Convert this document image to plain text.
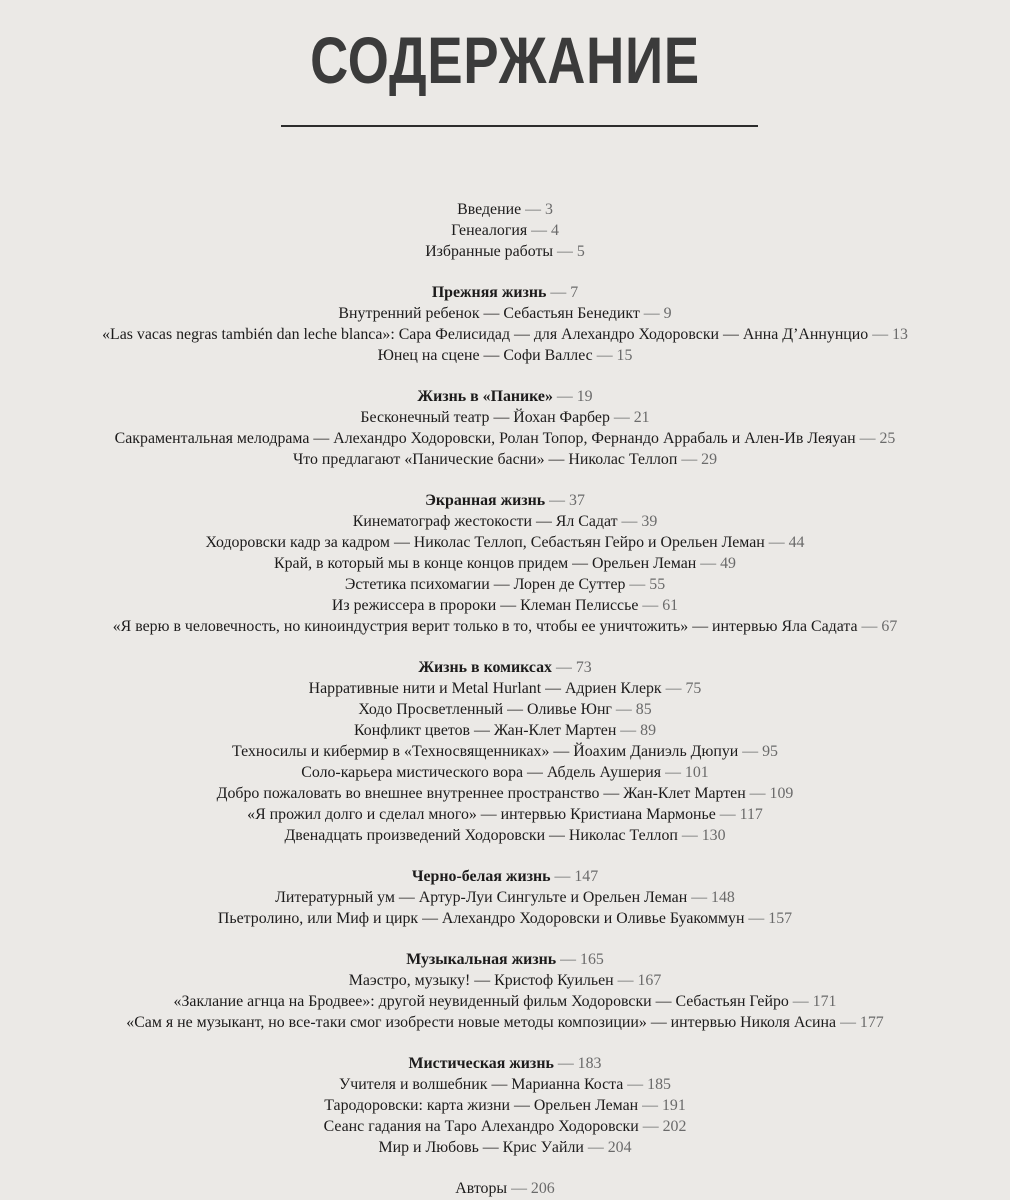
СОДЕРЖАНИЕ
Введение — 3
Генеалогия — 4
Избранные работы — 5
Прежняя жизнь — 7
Внутренний ребенок — Себастьян Бенедикт — 9
«Las vacas negras también dan leche blanca»: Сара Фелисидад — для Алехандро Ходоровски — Анна Д’Аннунцио — 13
Юнец на сцене — Софи Валлес — 15
Жизнь в «Панике» — 19
Бесконечный театр — Йохан Фарбер — 21
Сакраментальная мелодрама — Алехандро Ходоровски, Ролан Топор, Фернандо Аррабаль и Ален-Ив Леяуан — 25
Что предлагают «Панические басни» — Николас Теллоп — 29
Экранная жизнь — 37
Кинематограф жестокости — Ял Садат — 39
Ходоровски кадр за кадром — Николас Теллоп, Себастьян Гейро и Орельен Леман — 44
Край, в который мы в конце концов придем — Орельен Леман — 49
Эстетика психомагии — Лорен де Суттер — 55
Из режиссера в пророки — Клеман Пелиссье — 61
«Я верю в человечность, но киноиндустрия верит только в то, чтобы ее уничтожить» — интервью Яла Садата — 67
Жизнь в комиксах — 73
Нарративные нити и Metal Hurlant — Адриен Клерк — 75
Ходо Просветленный — Оливье Юнг — 85
Конфликт цветов — Жан-Клет Мартен — 89
Техносилы и кибермир в «Техносвященниках» — Йоахим Даниэль Дюпуи — 95
Соло-карьера мистического вора — Абдель Аушерия — 101
Добро пожаловать во внешнее внутреннее пространство — Жан-Клет Мартен — 109
«Я прожил долго и сделал много» — интервью Кристиана Мармонье — 117
Двенадцать произведений Ходоровски — Николас Теллоп — 130
Черно-белая жизнь — 147
Литературный ум — Артур-Луи Сингульте и Орельен Леман — 148
Пьетролино, или Миф и цирк — Алехандро Ходоровски и Оливье Буакоммун — 157
Музыкальная жизнь — 165
Маэстро, музыку! — Кристоф Куильен — 167
«Заклание агнца на Бродвее»: другой неувиденный фильм Ходоровски — Себастьян Гейро — 171
«Сам я не музыкант, но все-таки смог изобрести новые методы композиции» — интервью Николя Асина — 177
Мистическая жизнь — 183
Учителя и волшебник — Марианна Коста — 185
Тародоровски: карта жизни — Орельен Леман — 191
Сеанс гадания на Таро Алехандро Ходоровски — 202
Мир и Любовь — Крис Уайли — 204
Авторы — 206
